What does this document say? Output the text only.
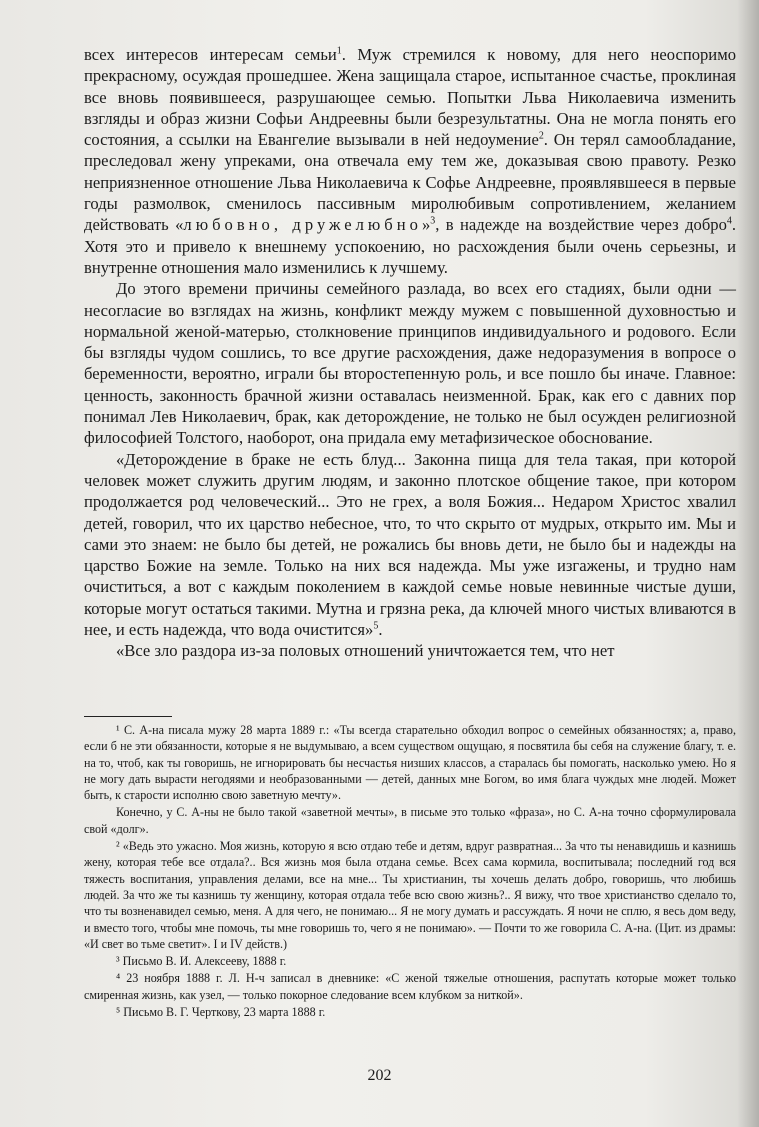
всех интересов интересам семьи$^1$. Муж стремился к новому, для него неоспоримо прекрасному, осуждая прошедшее. Жена защищала старое, испытанное счастье, проклиная все вновь появившееся, разрушающее семью. Попытки Льва Николаевича изменить взгляды и образ жизни Софьи Андреевны были безрезультатны. Она не могла понять его состояния, а ссылки на Евангелие вызывали в ней недоумение$^2$. Он терял самообладание, преследовал жену упреками, она отвечала ему тем же, доказывая свою правоту. Резко неприязненное отношение Льва Николаевича к Софье Андреевне, проявлявшееся в первые годы размолвок, сменилось пассивным миролюбивым сопротивлением, желанием действовать «любовно, дружелюбно»$^3$, в надежде на воздействие через добро$^4$. Хотя это и привело к внешнему успокоению, но расхождения были очень серьезны, и внутренне отношения мало изменились к лучшему.

До этого времени причины семейного разлада, во всех его стадиях, были одни — несогласие во взглядах на жизнь, конфликт между мужем с повышенной духовностью и нормальной женой-матерью, столкновение принципов индивидуального и родового. Если бы взгляды чудом сошлись, то все другие расхождения, даже недоразумения в вопросе о беременности, вероятно, играли бы второстепенную роль, и все пошло бы иначе. Главное: ценность, законность брачной жизни оставалась неизменной. Брак, как его с давних пор понимал Лев Николаевич, брак, как деторождение, не только не был осужден религиозной философией Толстого, наоборот, она придала ему метафизическое обоснование.

«Деторождение в браке не есть блуд... Законна пища для тела такая, при которой человек может служить другим людям, и законно плотское общение такое, при котором продолжается род человеческий... Это не грех, а воля Божия... Недаром Христос хвалил детей, говорил, что их царство небесное, что, то что скрыто от мудрых, открыто им. Мы и сами это знаем: не было бы детей, не рожались бы вновь дети, не было бы и надежды на царство Божие на земле. Только на них вся надежда. Мы уже изгажены, и трудно нам очиститься, а вот с каждым поколением в каждой семье новые невинные чистые души, которые могут остаться такими. Мутна и грязна река, да ключей много чистых вливаются в нее, и есть надежда, что вода очистится»$^5$.

«Все зло раздора из-за половых отношений уничтожается тем, что нет

¹ С. А-на писала мужу 28 марта 1889 г.: «Ты всегда старательно обходил вопрос о семейных обязанностях; а, право, если б не эти обязанности, которые я не выдумываю, а всем существом ощущаю, я посвятила бы себя на служение благу, т. е. на то, чтоб, как ты говоришь, не игнорировать бы несчастья низших классов, а старалась бы помогать, насколько умею. Но я не могу дать вырасти негодяями и необразованными — детей, данных мне Богом, во имя блага чуждых мне людей. Может быть, к старости исполню свою заветную мечту».

Конечно, у С. А-ны не было такой «заветной мечты», в письме это только «фраза», но С. А-на точно сформулировала свой «долг».

² «Ведь это ужасно. Моя жизнь, которую я всю отдаю тебе и детям, вдруг развратная... За что ты ненавидишь и казнишь жену, которая тебе все отдала?.. Вся жизнь моя была отдана семье. Всех сама кормила, воспитывала; последний год вся тяжесть воспитания, управления делами, все на мне... Ты христианин, ты хочешь делать добро, говоришь, что любишь людей. За что же ты казнишь ту женщину, которая отдала тебе всю свою жизнь?.. Я вижу, что твое христианство сделало то, что ты возненавидел семью, меня. А для чего, не понимаю... Я не могу думать и рассуждать. Я ночи не сплю, я весь дом веду, и вместо того, чтобы мне помочь, ты мне говоришь то, чего я не понимаю». — Почти то же говорила С. А-на. (Цит. из драмы: «И свет во тьме светит». I и IV действ.)

³ Письмо В. И. Алексееву, 1888 г.

⁴ 23 ноября 1888 г. Л. Н-ч записал в дневнике: «С женой тяжелые отношения, распутать которые может только смиренная жизнь, как узел, — только покорное следование всем клубком за ниткой».

⁵ Письмо В. Г. Черткову, 23 марта 1888 г.

202
